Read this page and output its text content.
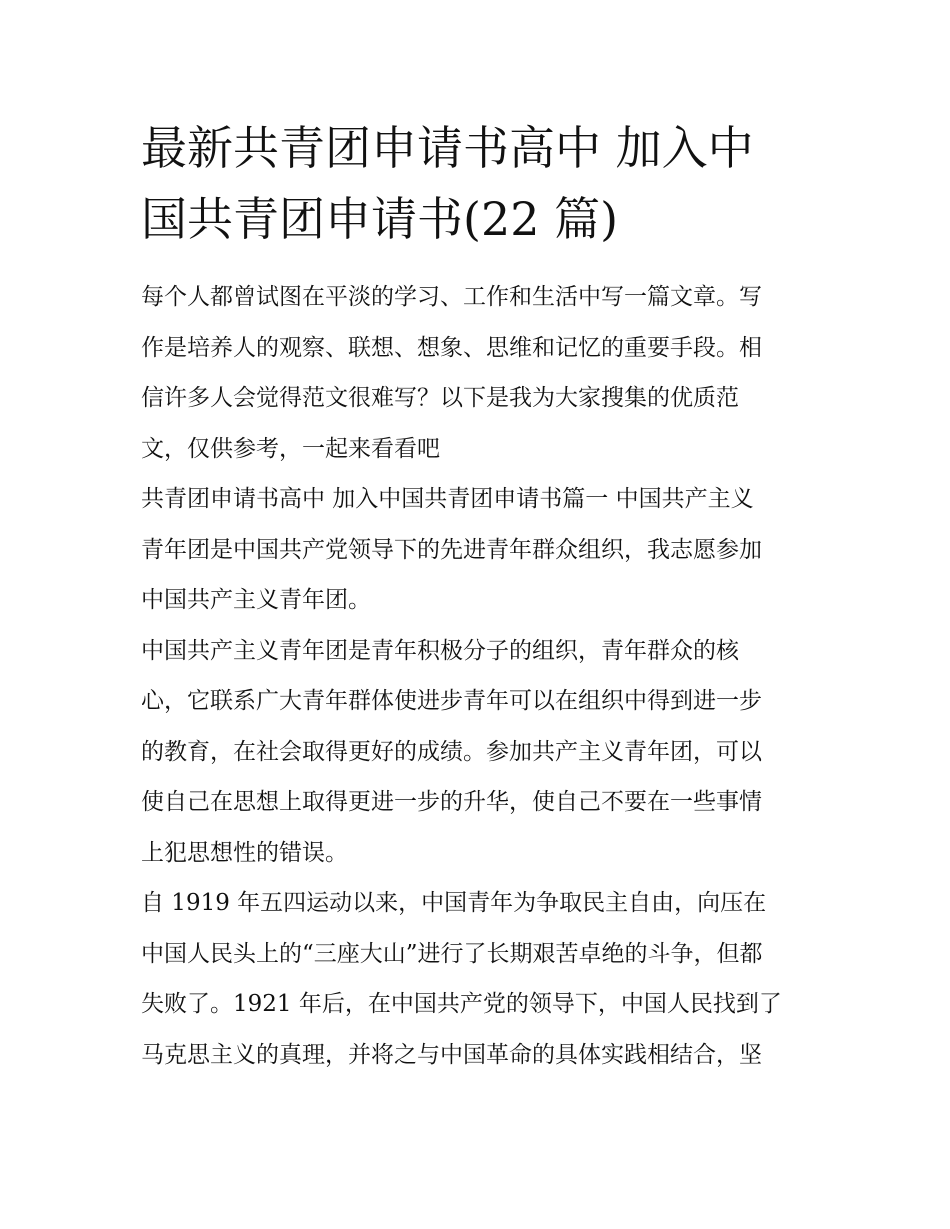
最新共青团申请书高中 加入中
国共青团申请书(22 篇)

每个人都曾试图在平淡的学习、工作和生活中写一篇文章。写
作是培养人的观察、联想、想象、思维和记忆的重要手段。相
信许多人会觉得范文很难写？以下是我为大家搜集的优质范
文，仅供参考，一起来看看吧

共青团申请书高中 加入中国共青团申请书篇一 中国共产主义
青年团是中国共产党领导下的先进青年群众组织，我志愿参加
中国共产主义青年团。

中国共产主义青年团是青年积极分子的组织，青年群众的核
心，它联系广大青年群体使进步青年可以在组织中得到进一步
的教育，在社会取得更好的成绩。参加共产主义青年团，可以
使自己在思想上取得更进一步的升华，使自己不要在一些事情
上犯思想性的错误。

自 1919 年五四运动以来，中国青年为争取民主自由，向压在
中国人民头上的“三座大山”进行了长期艰苦卓绝的斗争，但都
失败了。1921 年后，在中国共产党的领导下，中国人民找到了
马克思主义的真理，并将之与中国革命的具体实践相结合，坚
